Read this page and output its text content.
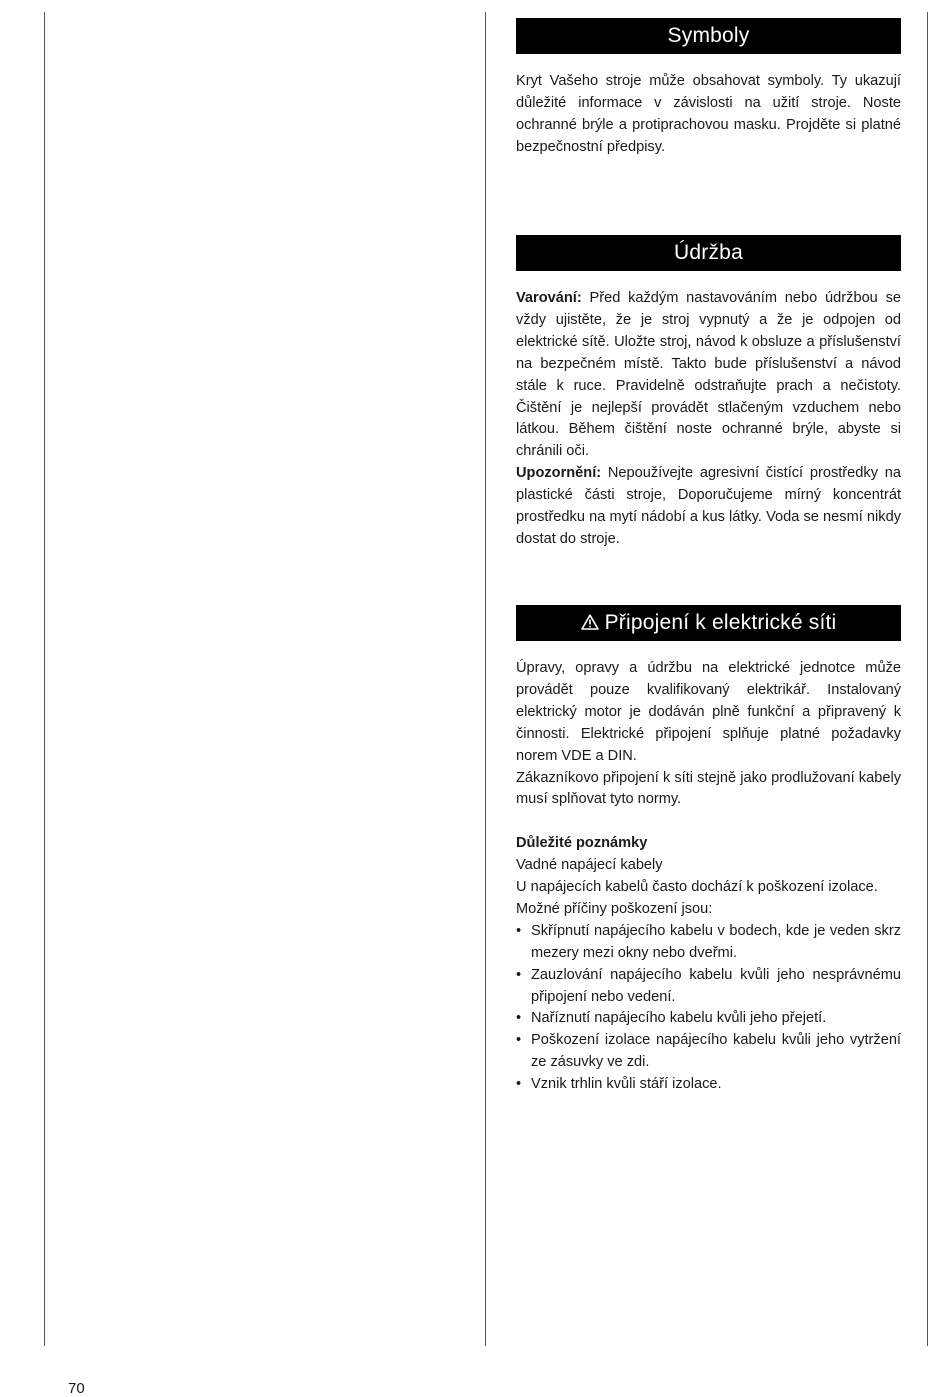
Symboly

Kryt Vašeho stroje může obsahovat symboly. Ty ukazují důležité informace v závislosti na užití stroje. Noste ochranné brýle a protiprachovou masku. Projděte si platné bezpečnostní předpisy.

Údržba

Varování: Před každým nastavováním nebo údržbou se vždy ujistěte, že je stroj vypnutý a že je odpojen od elektrické sítě. Uložte stroj, návod k obsluze a příslušenství na bezpečném místě. Takto bude příslušenství a návod stále k ruce. Pravidelně odstraňujte prach a nečistoty. Čištění je nejlepší provádět stlačeným vzduchem nebo látkou. Během čištění noste ochranné brýle, abyste si chránili oči.

Upozornění: Nepoužívejte agresivní čistící prostředky na plastické části stroje, Doporučujeme mírný koncentrát prostředku na mytí nádobí a kus látky. Voda se nesmí nikdy dostat do stroje.

Připojení k elektrické síti

Úpravy, opravy a údržbu na elektrické jednotce může provádět pouze kvalifikovaný elektrikář. Instalovaný elektrický motor je dodáván plně funkční a připravený k činnosti. Elektrické připojení splňuje platné požadavky norem VDE a DIN.

Zákazníkovo připojení k síti stejně jako prodlužovaní kabely musí splňovat tyto normy.

Důležité poznámky

Vadné napájecí kabely

U napájecích kabelů často dochází k poškození izolace.

Možné příčiny poškození jsou:

• Skřípnutí napájecího kabelu v bodech, kde je veden skrz mezery mezi okny nebo dveřmi.
• Zauzlování napájecího kabelu kvůli jeho nesprávnému připojení nebo vedení.
• Naříznutí napájecího kabelu kvůli jeho přejetí.
• Poškození izolace napájecího kabelu kvůli jeho vytržení ze zásuvky ve zdi.
• Vznik trhlin kvůli stáří izolace.
70
